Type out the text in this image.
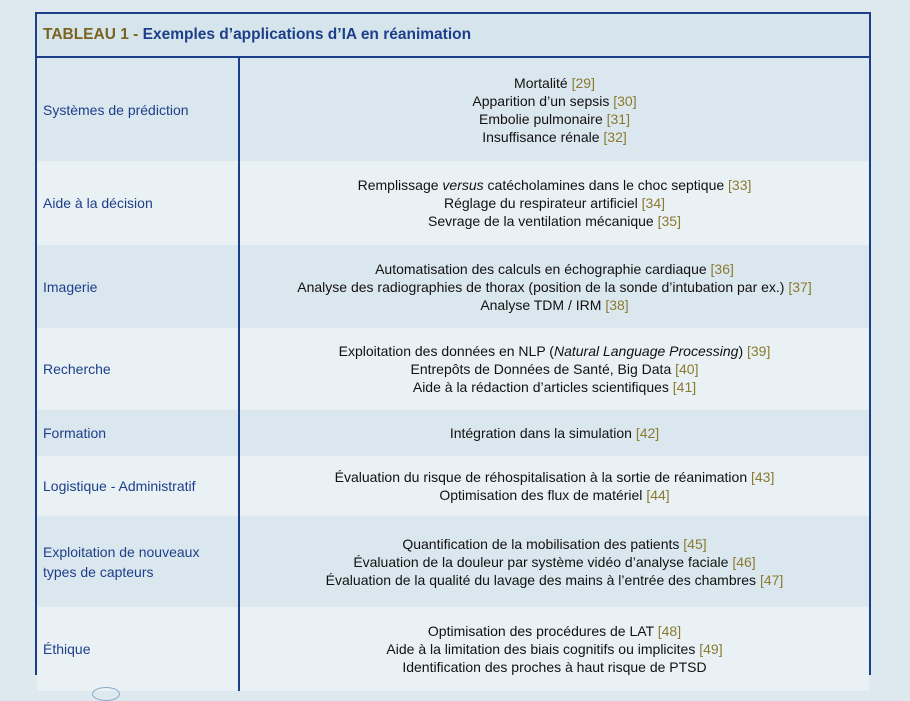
TABLEAU 1 - Exemples d’applications d’IA en réanimation
Systèmes de prédiction
Mortalité [29]
Apparition d’un sepsis [30]
Embolie pulmonaire [31]
Insuffisance rénale [32]
Aide à la décision
Remplissage versus catécholamines dans le choc septique [33]
Réglage du respirateur artificiel [34]
Sevrage de la ventilation mécanique [35]
Imagerie
Automatisation des calculs en échographie cardiaque [36]
Analyse des radiographies de thorax (position de la sonde d’intubation par ex.) [37]
Analyse TDM / IRM [38]
Recherche
Exploitation des données en NLP (Natural Language Processing) [39]
Entrepôts de Données de Santé, Big Data [40]
Aide à la rédaction d’articles scientifiques [41]
Formation	Intégration dans la simulation [42]
Logistique - Administratif
Évaluation du risque de réhospitalisation à la sortie de réanimation [43]
Optimisation des flux de matériel [44]
Exploitation de nouveaux types de capteurs
Quantification de la mobilisation des patients [45]
Évaluation de la douleur par système vidéo d’analyse faciale [46]
Évaluation de la qualité du lavage des mains à l’entrée des chambres [47]
Éthique
Optimisation des procédures de LAT [48]
Aide à la limitation des biais cognitifs ou implicites [49]
Identification des proches à haut risque de PTSD
